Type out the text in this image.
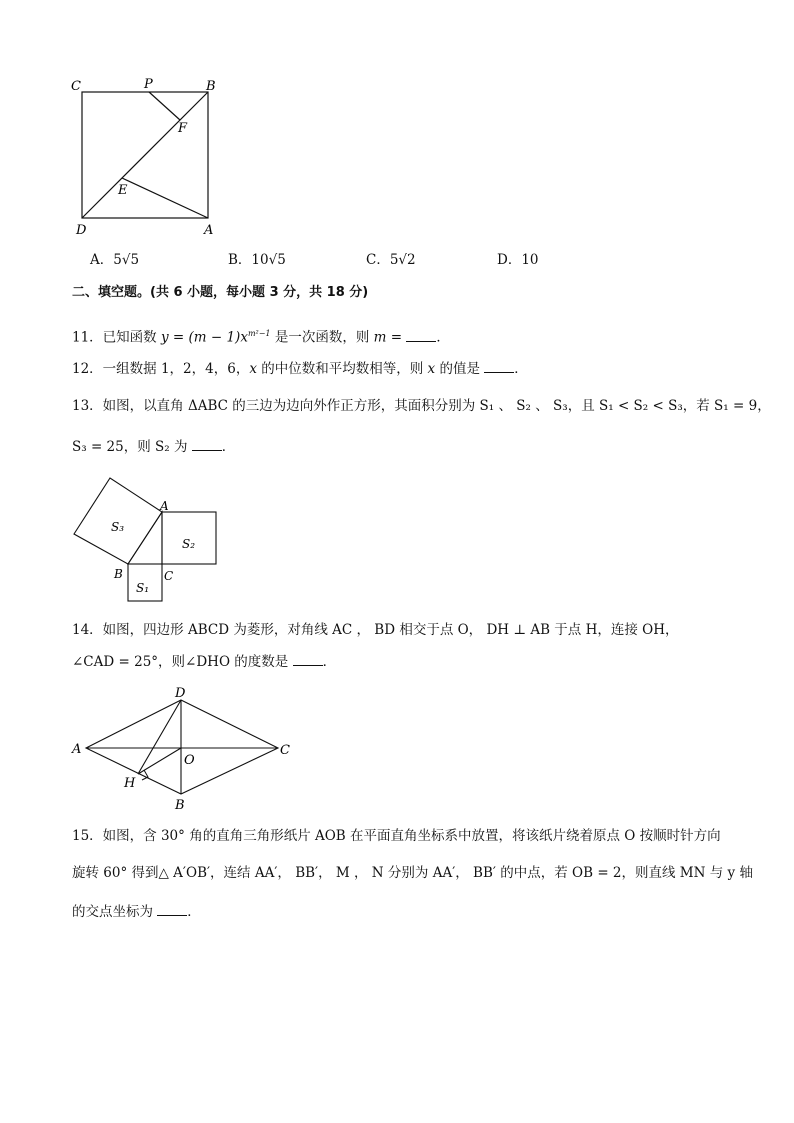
C	P	B
F
E
D	A
A．5√5	B．10√5	C．5√2	D．10
二、填空题。(共 6 小题，每小题 3 分，共 18 分)
11．已知函数 $y = (m - 1)x^{m^2-1}$ 是一次函数，则 m = ．
12．一组数据 1，2，4，6，x 的中位数和平均数相等，则 x 的值是 ．
13．如图，以直角 ΔABC 的三边为边向外作正方形，其面积分别为 S₁ 、 S₂ 、 S₃，且 S₁ < S₂ < S₃，若 S₁ = 9，
S₃ = 25，则 S₂ 为 ．
S₃
S₂
S₁
A
B	C
14．如图，四边形 ABCD 为菱形，对角线 AC ， BD 相交于点 O， DH ⊥ AB 于点 H，连接 OH，
∠CAD = 25°，则∠DHO 的度数是 ．
D
A
O
C
H
B
15．如图，含 30° 角的直角三角形纸片 AOB 在平面直角坐标系中放置，将该纸片绕着原点 O 按顺时针方向
旋转 60° 得到△ A′OB′，连结 AA′， BB′， M ， N 分别为 AA′， BB′ 的中点，若 OB = 2，则直线 MN 与 y 轴
的交点坐标为 ．
